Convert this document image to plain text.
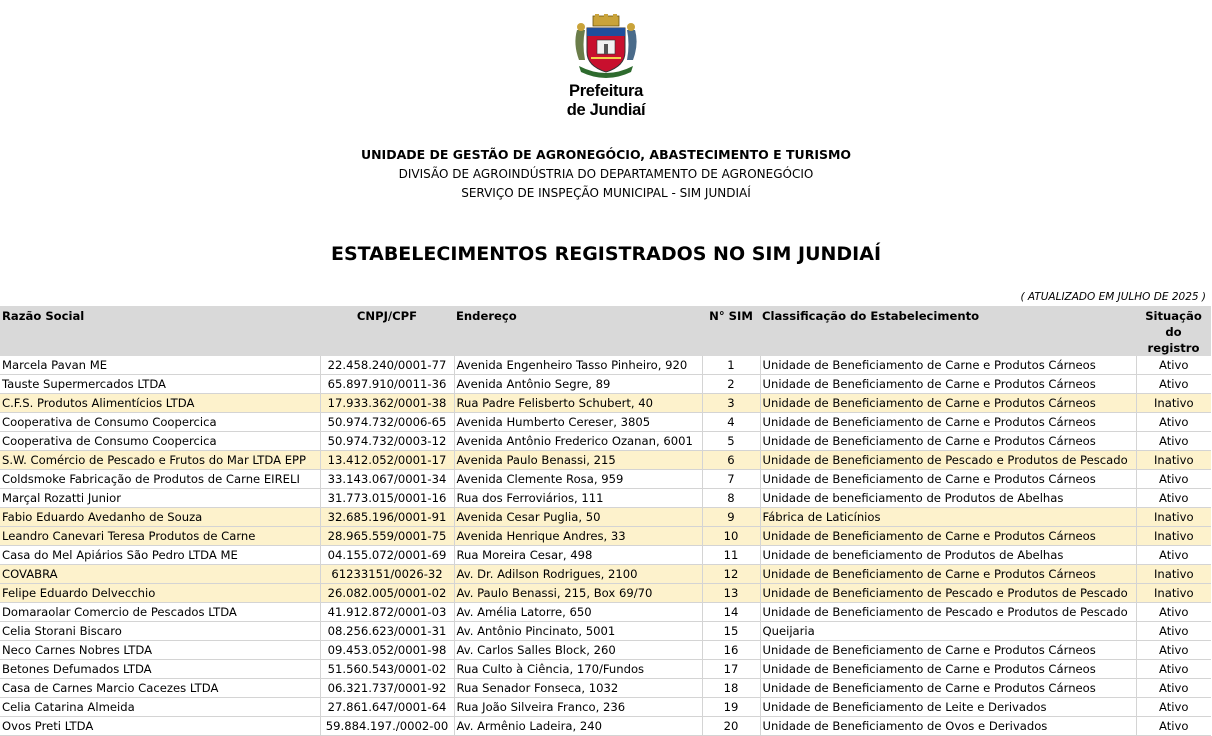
Prefeitura
de Jundiaí
UNIDADE DE GESTÃO DE AGRONEGÓCIO, ABASTECIMENTO E TURISMO
DIVISÃO DE AGROINDÚSTRIA DO DEPARTAMENTO DE AGRONEGÓCIO
SERVIÇO DE INSPEÇÃO MUNICIPAL - SIM JUNDIAÍ
ESTABELECIMENTOS REGISTRADOS NO SIM JUNDIAÍ
( ATUALIZADO EM JULHO DE 2025 )
Razão Social	CNPJ/CPF	Endereço	N° SIM	Classificação do Estabelecimento	Situação do registro
Marcela Pavan ME	22.458.240/0001-77	Avenida Engenheiro Tasso Pinheiro, 920	1	Unidade de Beneficiamento de Carne e Produtos Cárneos	Ativo
Tauste Supermercados LTDA	65.897.910/0011-36	Avenida Antônio Segre, 89	2	Unidade de Beneficiamento de Carne e Produtos Cárneos	Ativo
C.F.S. Produtos Alimentícios LTDA	17.933.362/0001-38	Rua Padre Felisberto Schubert, 40	3	Unidade de Beneficiamento de Carne e Produtos Cárneos	Inativo
Cooperativa de Consumo Coopercica	50.974.732/0006-65	Avenida Humberto Cereser, 3805	4	Unidade de Beneficiamento de Carne e Produtos Cárneos	Ativo
Cooperativa de Consumo Coopercica	50.974.732/0003-12	Avenida Antônio Frederico Ozanan, 6001	5	Unidade de Beneficiamento de Carne e Produtos Cárneos	Ativo
S.W. Comércio de Pescado e Frutos do Mar LTDA EPP	13.412.052/0001-17	Avenida Paulo Benassi, 215	6	Unidade de Beneficiamento de Pescado e Produtos de Pescado	Inativo
Coldsmoke Fabricação de Produtos de Carne EIRELI	33.143.067/0001-34	Avenida Clemente Rosa, 959	7	Unidade de Beneficiamento de Carne e Produtos Cárneos	Ativo
Marçal Rozatti Junior	31.773.015/0001-16	Rua dos Ferroviários, 111	8	Unidade de beneficiamento de Produtos de Abelhas	Ativo
Fabio Eduardo Avedanho de Souza	32.685.196/0001-91	Avenida Cesar Puglia, 50	9	Fábrica de Laticínios	Inativo
Leandro Canevari Teresa Produtos de Carne	28.965.559/0001-75	Avenida Henrique Andres, 33	10	Unidade de Beneficiamento de Carne e Produtos Cárneos	Inativo
Casa do Mel Apiários São Pedro LTDA ME	04.155.072/0001-69	Rua Moreira Cesar, 498	11	Unidade de beneficiamento de Produtos de Abelhas	Ativo
COVABRA	61233151/0026-32	Av. Dr. Adilson Rodrigues, 2100	12	Unidade de Beneficiamento de Carne e Produtos Cárneos	Inativo
Felipe Eduardo Delvecchio	26.082.005/0001-02	Av. Paulo Benassi, 215, Box 69/70	13	Unidade de Beneficiamento de Pescado e Produtos de Pescado	Inativo
Domaraolar Comercio de Pescados LTDA	41.912.872/0001-03	Av. Amélia Latorre, 650	14	Unidade de Beneficiamento de Pescado e Produtos de Pescado	Ativo
Celia Storani Biscaro	08.256.623/0001-31	Av. Antônio Pincinato, 5001	15	Queijaria	Ativo
Neco Carnes Nobres LTDA	09.453.052/0001-98	Av. Carlos Salles Block, 260	16	Unidade de Beneficiamento de Carne e Produtos Cárneos	Ativo
Betones Defumados LTDA	51.560.543/0001-02	Rua Culto à Ciência, 170/Fundos	17	Unidade de Beneficiamento de Carne e Produtos Cárneos	Ativo
Casa de Carnes Marcio Cacezes LTDA	06.321.737/0001-92	Rua Senador Fonseca, 1032	18	Unidade de Beneficiamento de Carne e Produtos Cárneos	Ativo
Celia Catarina Almeida	27.861.647/0001-64	Rua João Silveira Franco, 236	19	Unidade de Beneficiamento de Leite e Derivados	Ativo
Ovos Preti LTDA	59.884.197./0002-00	Av. Armênio Ladeira, 240	20	Unidade de Beneficiamento de Ovos e Derivados	Ativo
